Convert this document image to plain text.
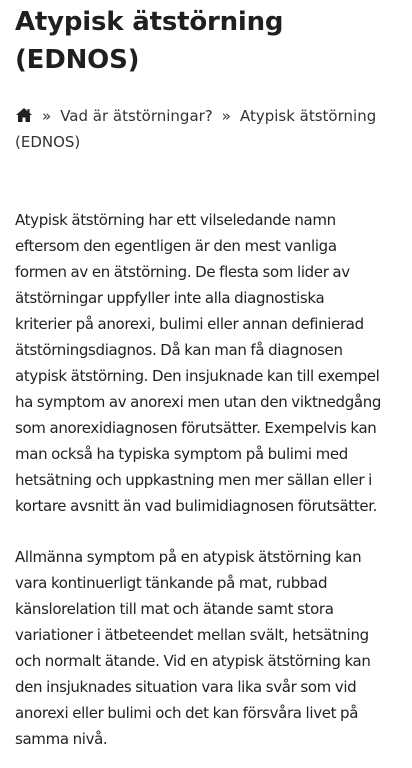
Atypisk ätstörning
(EDNOS)
» Vad är ätstörningar? » Atypisk ätstörning (EDNOS)

Atypisk ätstörning har ett vilseledande namn
eftersom den egentligen är den mest vanliga
formen av en ätstörning. De flesta som lider av
ätstörningar uppfyller inte alla diagnostiska
kriterier på anorexi, bulimi eller annan definierad
ätstörningsdiagnos. Då kan man få diagnosen
atypisk ätstörning. Den insjuknade kan till exempel
ha symptom av anorexi men utan den viktnedgång
som anorexidiagnosen förutsätter. Exempelvis kan
man också ha typiska symptom på bulimi med
hetsätning och uppkastning men mer sällan eller i
kortare avsnitt än vad bulimidiagnosen förutsätter.

Allmänna symptom på en atypisk ätstörning kan
vara kontinuerligt tänkande på mat, rubbad
känslorelation till mat och ätande samt stora
variationer i ätbeteendet mellan svält, hetsätning
och normalt ätande. Vid en atypisk ätstörning kan
den insjuknades situation vara lika svår som vid
anorexi eller bulimi och det kan försvåra livet på
samma nivå.
